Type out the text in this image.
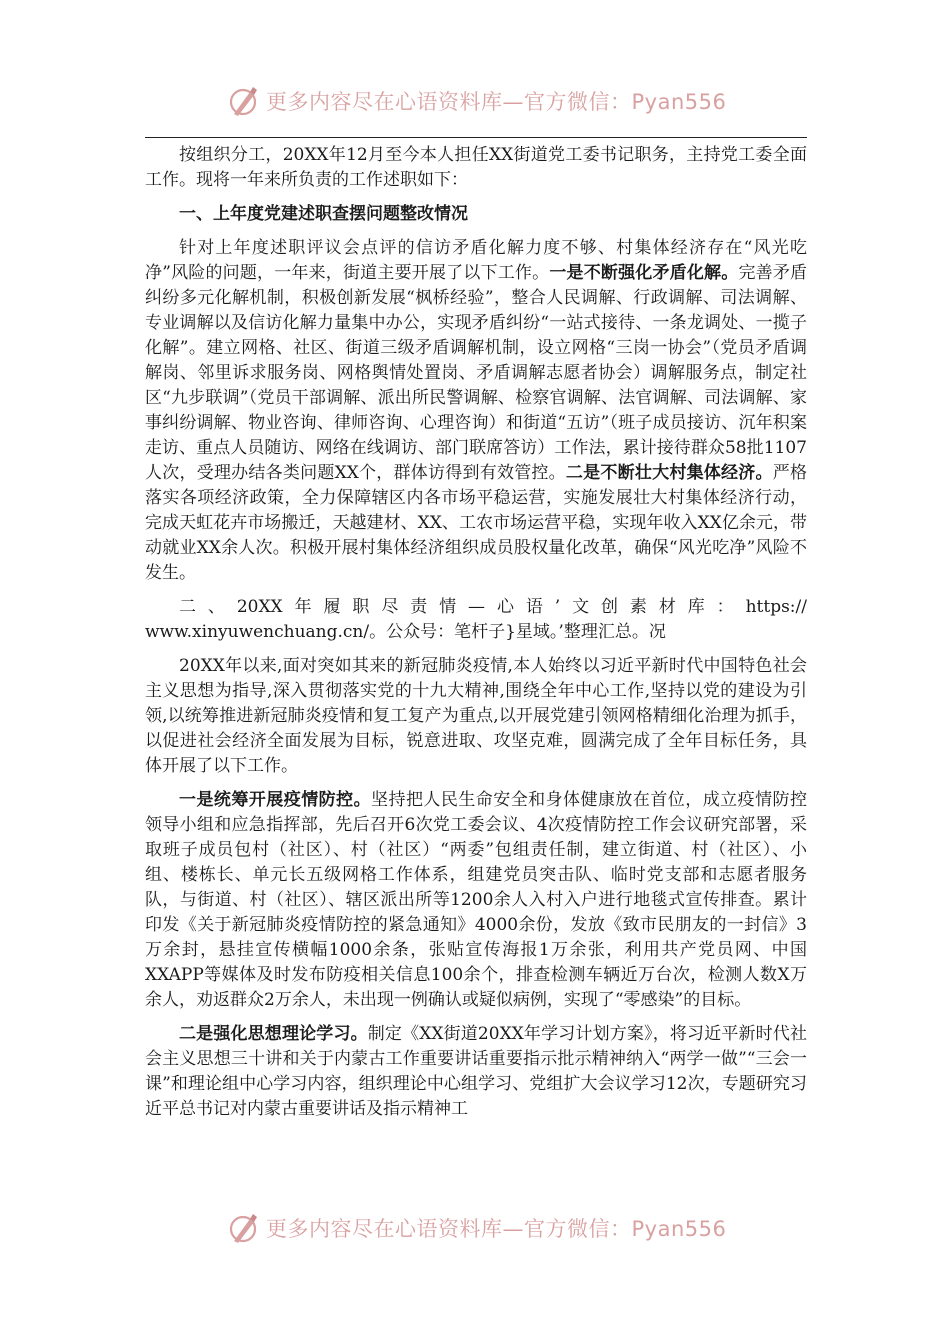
更多内容尽在心语资料库—官方微信：Pyan556

按组织分工，20XX年12月至今本人担任XX街道党工委书记职务，主持党工委全面工作。现将一年来所负责的工作述职如下：

一、上年度党建述职查摆问题整改情况

针对上年度述职评议会点评的信访矛盾化解力度不够、村集体经济存在“风光吃净”风险的问题，一年来，街道主要开展了以下工作。一是不断强化矛盾化解。完善矛盾纠纷多元化解机制，积极创新发展“枫桥经验”，整合人民调解、行政调解、司法调解、专业调解以及信访化解力量集中办公，实现矛盾纠纷“一站式接待、一条龙调处、一揽子化解”。建立网格、社区、街道三级矛盾调解机制，设立网格“三岗一协会”（党员矛盾调解岗、邻里诉求服务岗、网格舆情处置岗、矛盾调解志愿者协会）调解服务点，制定社区“九步联调”（党员干部调解、派出所民警调解、检察官调解、法官调解、司法调解、家事纠纷调解、物业咨询、律师咨询、心理咨询）和街道“五访”（班子成员接访、沉年积案走访、重点人员随访、网络在线调访、部门联席答访）工作法，累计接待群众58批1107人次，受理办结各类问题XX个，群体访得到有效管控。二是不断壮大村集体经济。严格落实各项经济政策，全力保障辖区内各市场平稳运营，实施发展壮大村集体经济行动，完成天虹花卉市场搬迁，天越建材、XX、工农市场运营平稳，实现年收入XX亿余元，带动就业XX余人次。积极开展村集体经济组织成员股权量化改革，确保“风光吃净”风险不发生。

二、20XX年履职尽责情—心语’文创素材库：https://

www.xinyuwenchuang.cn/。公众号：笔杆子}星域。’整理汇总。况

20XX年以来,面对突如其来的新冠肺炎疫情,本人始终以习近平新时代中国特色社会主义思想为指导,深入贯彻落实党的十九大精神,围绕全年中心工作,坚持以党的建设为引领,以统筹推进新冠肺炎疫情和复工复产为重点,以开展党建引领网格精细化治理为抓手，以促进社会经济全面发展为目标，锐意进取、攻坚克难，圆满完成了全年目标任务，具体开展了以下工作。

一是统筹开展疫情防控。坚持把人民生命安全和身体健康放在首位，成立疫情防控领导小组和应急指挥部，先后召开6次党工委会议、4次疫情防控工作会议研究部署，采取班子成员包村（社区）、村（社区）“两委”包组责任制，建立街道、村（社区）、小组、楼栋长、单元长五级网格工作体系，组建党员突击队、临时党支部和志愿者服务队，与街道、村（社区）、辖区派出所等1200余人入村入户进行地毯式宣传排查。累计印发《关于新冠肺炎疫情防控的紧急通知》4000余份，发放《致市民朋友的一封信》3万余封，悬挂宣传横幅1000余条，张贴宣传海报1万余张，利用共产党员网、中国XXAPP等媒体及时发布防疫相关信息100余个，排查检测车辆近万台次，检测人数X万余人，劝返群众2万余人，未出现一例确认或疑似病例，实现了“零感染”的目标。

二是强化思想理论学习。制定《XX街道20XX年学习计划方案》，将习近平新时代社会主义思想三十讲和关于内蒙古工作重要讲话重要指示批示精神纳入“两学一做”“三会一课”和理论组中心学习内容，组织理论中心组学习、党组扩大会议学习12次，专题研究习近平总书记对内蒙古重要讲话及指示精神工

更多内容尽在心语资料库—官方微信：Pyan556
